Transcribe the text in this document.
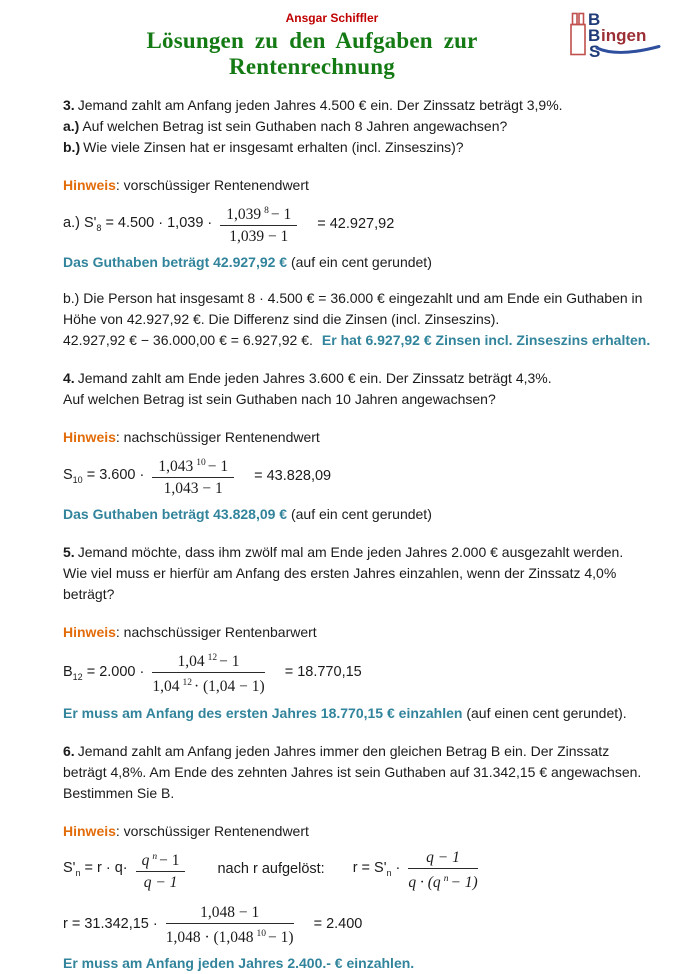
Ansgar Schiffler
Lösungen zu den Aufgaben zur Rentenrechnung
B
B
S
ingen
3. Jemand zahlt am Anfang jeden Jahres 4.500 € ein. Der Zinssatz beträgt 3,9%.
a.) Auf welchen Betrag ist sein Guthaben nach 8 Jahren angewachsen?
b.) Wie viele Zinsen hat er insgesamt erhalten (incl. Zinseszins)?
Hinweis: vorschüssiger Rentenendwert
a.) $S'_8 = 4.500 \cdot 1,039 \cdot \frac{1,039 ^8 - 1}{1,039 - 1} = 42.927,92$
Das Guthaben beträgt 42.927,92 € (auf ein cent gerundet)
b.) Die Person hat insgesamt 8 · 4.500 € = 36.000 € eingezahlt und am Ende ein Guthaben in
Höhe von 42.927,92 €. Die Differenz sind die Zinsen (incl. Zinseszins).
42.927,92 € − 36.000,00 € = 6.927,92 €. Er hat 6.927,92 € Zinsen incl. Zinseszins erhalten.
4. Jemand zahlt am Ende jeden Jahres 3.600 € ein. Der Zinssatz beträgt 4,3%.
Auf welchen Betrag ist sein Guthaben nach 10 Jahren angewachsen?
Hinweis: nachschüssiger Rentenendwert
$S_{10} = 3.600 \cdot \frac{1,043 ^{10} - 1}{1,043 - 1} = 43.828,09$
Das Guthaben beträgt 43.828,09 € (auf ein cent gerundet)
5. Jemand möchte, dass ihm zwölf mal am Ende jeden Jahres 2.000 € ausgezahlt werden.
Wie viel muss er hierfür am Anfang des ersten Jahres einzahlen, wenn der Zinssatz 4,0%
beträgt?
Hinweis: nachschüssiger Rentenbarwert
$B_{12} = 2.000 \cdot \frac{1,04 ^{12} - 1}{1,04 ^{12} \cdot (1,04 - 1)} = 18.770,15$
Er muss am Anfang des ersten Jahres 18.770,15 € einzahlen (auf einen cent gerundet).
6. Jemand zahlt am Anfang jeden Jahres immer den gleichen Betrag B ein. Der Zinssatz
beträgt 4,8%. Am Ende des zehnten Jahres ist sein Guthaben auf 31.342,15 € angewachsen.
Bestimmen Sie B.
Hinweis: vorschüssiger Rentenendwert
$S'_n = r \cdot q\cdot \frac{q ^n - 1}{q - 1}$ nach r aufgelöst: $r = S'_n \cdot \frac{q - 1}{q \cdot (q ^n - 1)}$
$r = 31.342,15 \cdot \frac{1,048 - 1}{1,048 \cdot (1,048 ^{10} - 1)} = 2.400$
Er muss am Anfang jeden Jahres 2.400.- € einzahlen.
